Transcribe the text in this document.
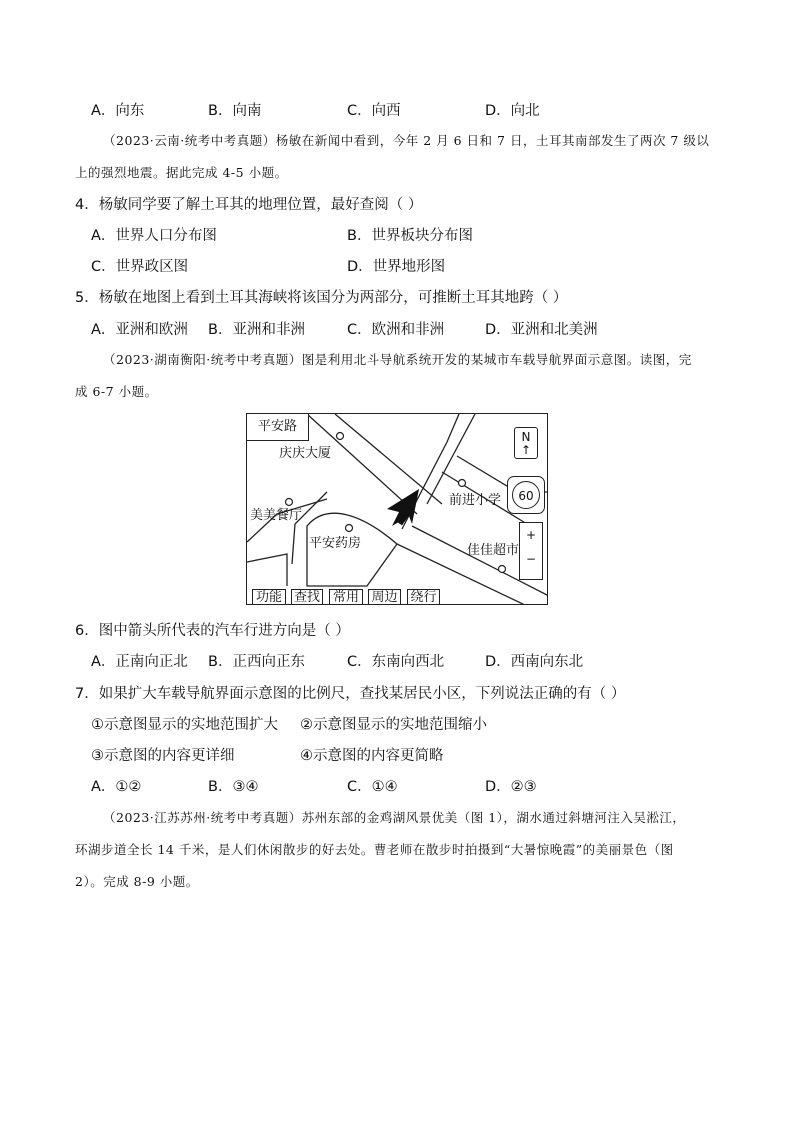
A．向东	B．向南	C．向西	D．向北
（2023·云南·统考中考真题）杨敏在新闻中看到，今年 2 月 6 日和 7 日，土耳其南部发生了两次 7 级以
上的强烈地震。据此完成 4-5 小题。
4．杨敏同学要了解土耳其的地理位置，最好查阅（ ）
A．世界人口分布图	B．世界板块分布图
C．世界政区图	D．世界地形图
5．杨敏在地图上看到土耳其海峡将该国分为两部分，可推断土耳其地跨（ ）
A．亚洲和欧洲 B．亚洲和非洲	C．欧洲和非洲	D．亚洲和北美洲
（2023·湖南衡阳·统考中考真题）图是利用北斗导航系统开发的某城市车载导航界面示意图。读图，完
成 6-7 小题。
平安路
庆庆大厦
美美餐厅
平安药房
前进小学
佳佳超市
N
↑
60
+
−
功能 查找 常用 周边 绕行
6．图中箭头所代表的汽车行进方向是（ ）
A．正南向正北 B．正西向正东	C．东南向西北	D．西南向东北
7．如果扩大车载导航界面示意图的比例尺，查找某居民小区，下列说法正确的有（ ）
①示意图显示的实地范围扩大 ②示意图显示的实地范围缩小
③示意图的内容更详细	④示意图的内容更简略
A．①②	B．③④	C．①④	D．②③
（2023·江苏苏州·统考中考真题）苏州东部的金鸡湖风景优美（图 1），湖水通过斜塘河注入吴淞江，
环湖步道全长 14 千米，是人们休闲散步的好去处。曹老师在散步时拍摄到“大暑惊晚霞”的美丽景色（图
2）。完成 8-9 小题。
